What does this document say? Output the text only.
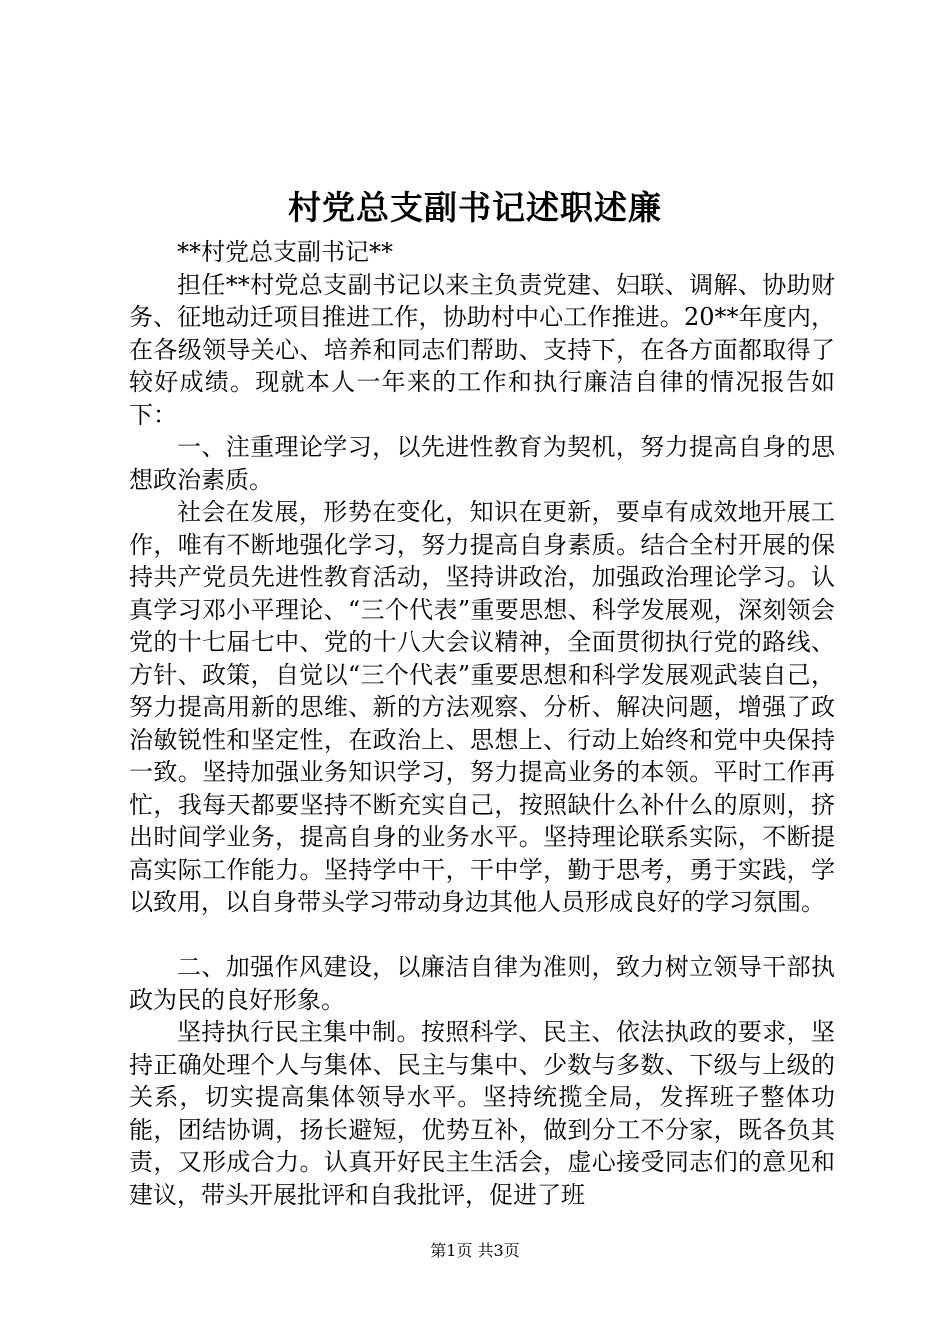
村党总支副书记述职述廉

**村党总支副书记**

担任**村党总支副书记以来主负责党建、妇联、调解、协助财务、征地动迁项目推进工作，协助村中心工作推进。20**年度内，在各级领导关心、培养和同志们帮助、支持下，在各方面都取得了较好成绩。现就本人一年来的工作和执行廉洁自律的情况报告如下：

一、注重理论学习，以先进性教育为契机，努力提高自身的思想政治素质。

社会在发展，形势在变化，知识在更新，要卓有成效地开展工作，唯有不断地强化学习，努力提高自身素质。结合全村开展的保持共产党员先进性教育活动，坚持讲政治，加强政治理论学习。认真学习邓小平理论、“三个代表”重要思想、科学发展观，深刻领会党的十七届七中、党的十八大会议精神，全面贯彻执行党的路线、方针、政策，自觉以“三个代表”重要思想和科学发展观武装自己，努力提高用新的思维、新的方法观察、分析、解决问题，增强了政治敏锐性和坚定性，在政治上、思想上、行动上始终和党中央保持一致。坚持加强业务知识学习，努力提高业务的本领。平时工作再忙，我每天都要坚持不断充实自己，按照缺什么补什么的原则，挤出时间学业务，提高自身的业务水平。坚持理论联系实际，不断提高实际工作能力。坚持学中干，干中学，勤于思考，勇于实践，学以致用，以自身带头学习带动身边其他人员形成良好的学习氛围。

二、加强作风建设，以廉洁自律为准则，致力树立领导干部执政为民的良好形象。

坚持执行民主集中制。按照科学、民主、依法执政的要求，坚持正确处理个人与集体、民主与集中、少数与多数、下级与上级的关系，切实提高集体领导水平。坚持统揽全局，发挥班子整体功能，团结协调，扬长避短，优势互补，做到分工不分家，既各负其责，又形成合力。认真开好民主生活会，虚心接受同志们的意见和建议，带头开展批评和自我批评，促进了班

第1页 共3页
